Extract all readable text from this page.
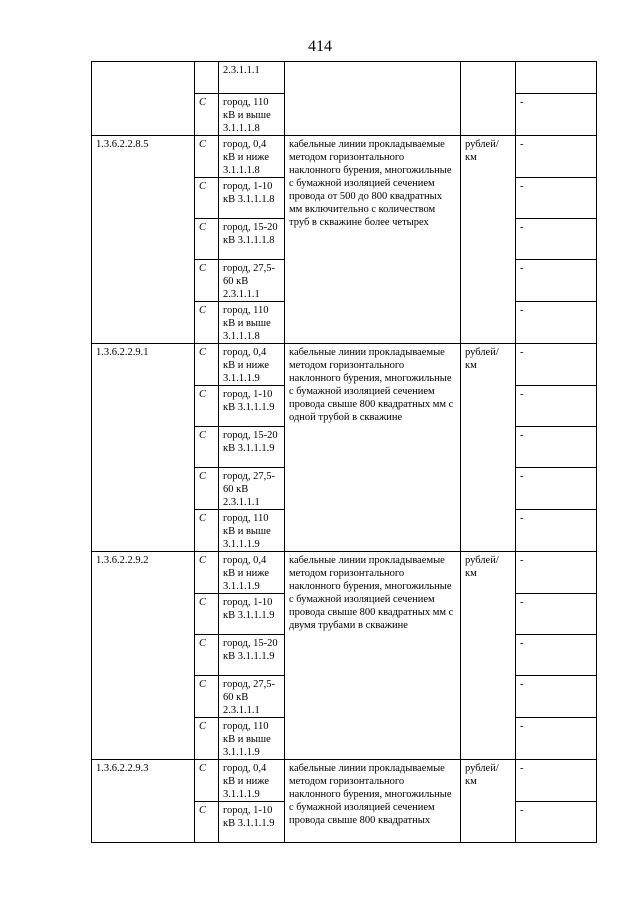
414
		2.3.1.1.1			
	С	город, 110 кВ и выше 3.1.1.1.8			-
1.3.6.2.2.8.5	С	город, 0,4 кВ и ниже 3.1.1.1.8	кабельные линии прокладываемые методом горизонтального наклонного бурения, многожильные с бумажной изоляцией сечением провода от 500 до 800 квадратных мм включительно с количеством труб в скважине более четырех	рублей/ км	-
	С	город, 1-10 кВ 3.1.1.1.8			-
	С	город, 15-20 кВ 3.1.1.1.8			-
	С	город, 27,5-60 кВ 2.3.1.1.1			-
	С	город, 110 кВ и выше 3.1.1.1.8			-
1.3.6.2.2.9.1	С	город, 0,4 кВ и ниже 3.1.1.1.9	кабельные линии прокладываемые методом горизонтального наклонного бурения, многожильные с бумажной изоляцией сечением провода свыше 800 квадратных мм с одной трубой в скважине	рублей/ км	-
	С	город, 1-10 кВ 3.1.1.1.9			-
	С	город, 15-20 кВ 3.1.1.1.9			-
	С	город, 27,5-60 кВ 2.3.1.1.1			-
	С	город, 110 кВ и выше 3.1.1.1.9			-
1.3.6.2.2.9.2	С	город, 0,4 кВ и ниже 3.1.1.1.9	кабельные линии прокладываемые методом горизонтального наклонного бурения, многожильные с бумажной изоляцией сечением провода свыше 800 квадратных мм с двумя трубами в скважине	рублей/ км	-
	С	город, 1-10 кВ 3.1.1.1.9			-
	С	город, 15-20 кВ 3.1.1.1.9			-
	С	город, 27,5-60 кВ 2.3.1.1.1			-
	С	город, 110 кВ и выше 3.1.1.1.9			-
1.3.6.2.2.9.3	С	город, 0,4 кВ и ниже 3.1.1.1.9	кабельные линии прокладываемые методом горизонтального наклонного бурения, многожильные с бумажной изоляцией сечением провода свыше 800 квадратных	рублей/ км	-
	С	город, 1-10 кВ 3.1.1.1.9			-
